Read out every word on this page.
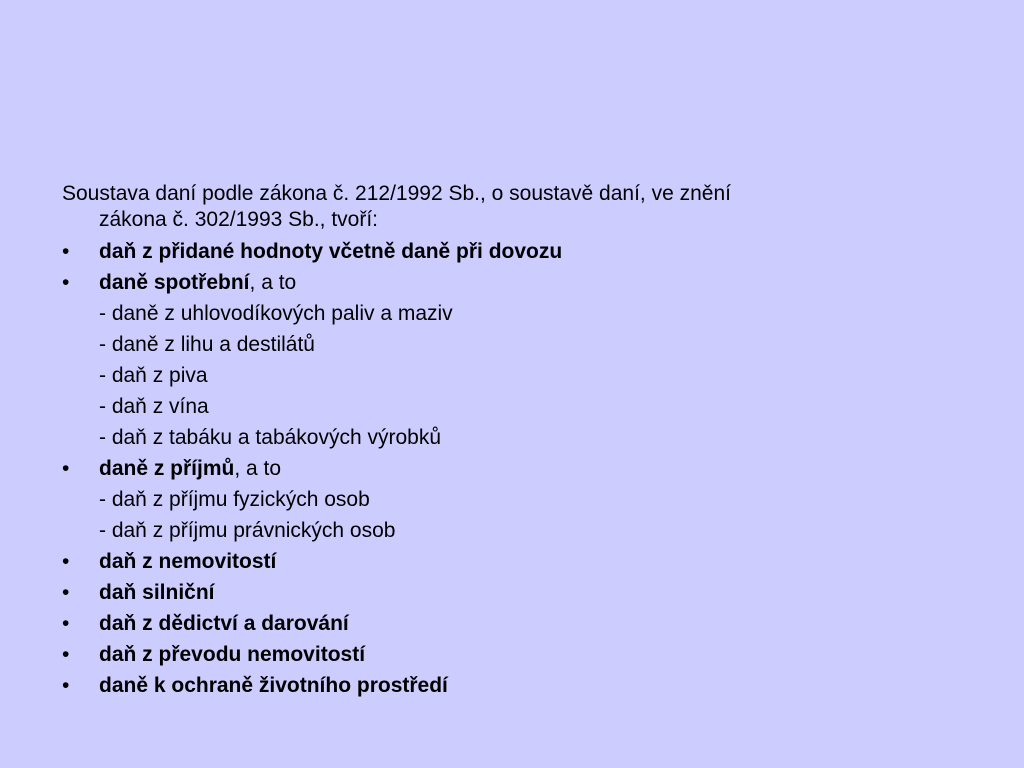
Soustava daní podle zákona č. 212/1992 Sb., o soustavě daní, ve znění
zákona č. 302/1993 Sb., tvoří:
• daň z přidané hodnoty včetně daně při dovozu
• daně spotřební, a to
- daně z uhlovodíkových paliv a maziv
- daně z lihu a destilátů
- daň z piva
- daň z vína
- daň z tabáku a tabákových výrobků
• daně z příjmů, a to
- daň z příjmu fyzických osob
- daň z příjmu právnických osob
• daň z nemovitostí
• daň silniční
• daň z dědictví a darování
• daň z převodu nemovitostí
• daně k ochraně životního prostředí
